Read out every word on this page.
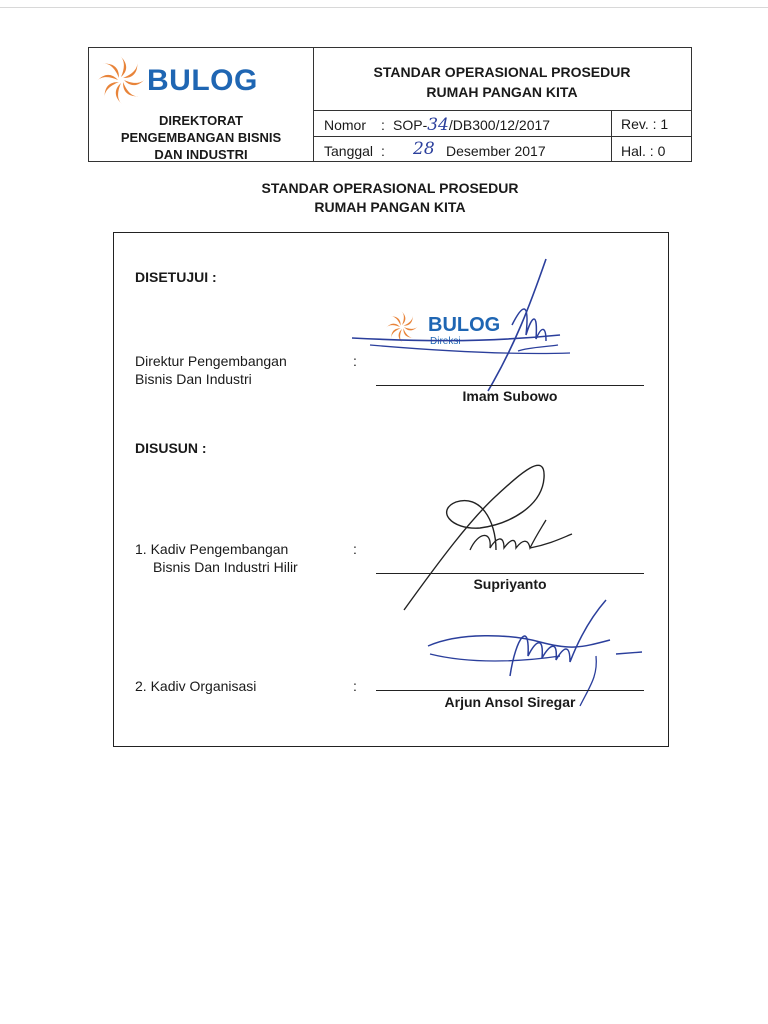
BULOG
DIREKTORAT
PENGEMBANGAN BISNIS
DAN INDUSTRI
STANDAR OPERASIONAL PROSEDUR
RUMAH PANGAN KITA
Nomor : SOP-34/DB300/12/2017	Rev. : 1
Tanggal : 28 Desember 2017	Hal. : 0
STANDAR OPERASIONAL PROSEDUR
RUMAH PANGAN KITA
DISETUJUI :
Direktur Pengembangan
Bisnis Dan Industri
:
BULOG
Direksi
Imam Subowo
DISUSUN :
1. Kadiv Pengembangan
Bisnis Dan Industri Hilir
:
Supriyanto
2. Kadiv Organisasi	:
Arjun Ansol Siregar
